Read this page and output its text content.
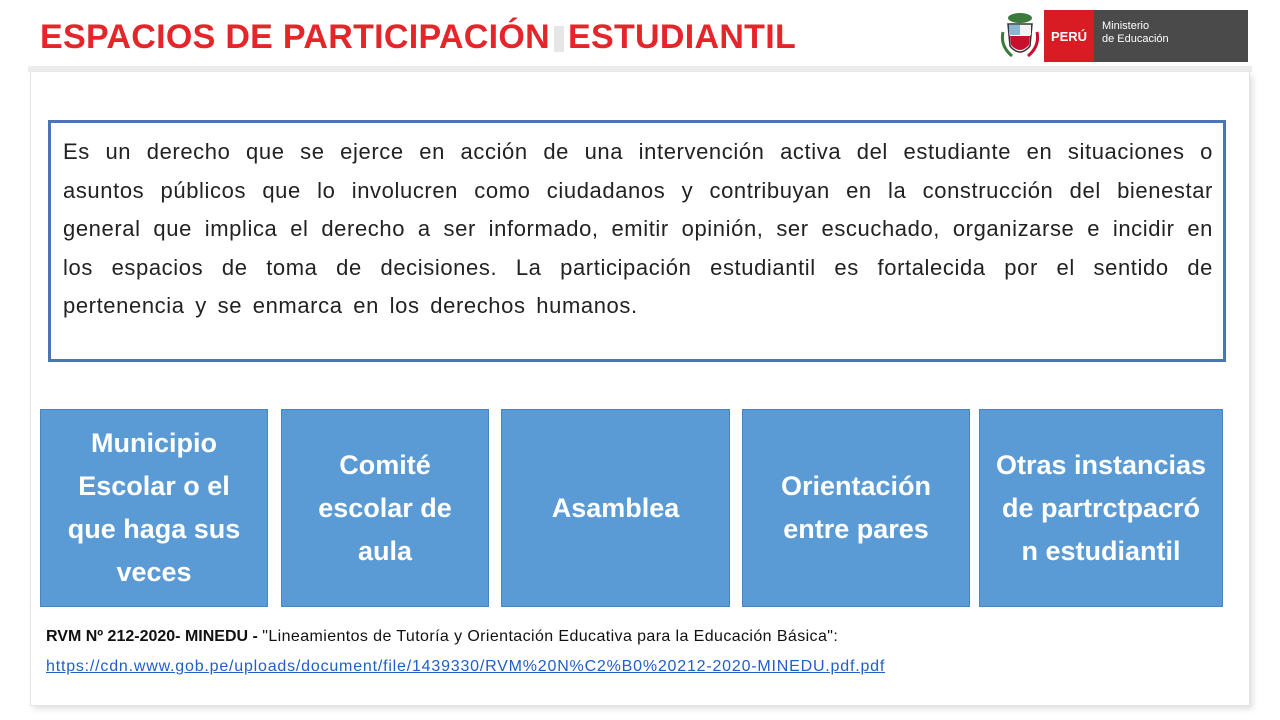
ESPACIOS DE PARTICIPACIÓN ESTUDIANTIL	PERÚ
Ministerio
de Educación

Es un derecho que se ejerce en acción de una intervención activa del estudiante en situaciones o asuntos públicos que lo involucren como ciudadanos y contribuyan en la construcción del bienestar general que implica el derecho a ser informado, emitir opinión, ser escuchado, organizarse e incidir en los espacios de toma de decisiones. La participación estudiantil es fortalecida por el sentido de pertenencia y se enmarca en los derechos humanos.

Municipio Escolar o el que haga sus veces
Comité escolar de aula
Asamblea
Orientación entre pares
Otras instancias de partrctpacró n estudiantil
RVM Nº 212-2020- MINEDU - "Lineamientos de Tutoría y Orientación Educativa para la Educación Básica":
https://cdn.www.gob.pe/uploads/document/file/1439330/RVM%20N%C2%B0%20212-2020-MINEDU.pdf.pdf
